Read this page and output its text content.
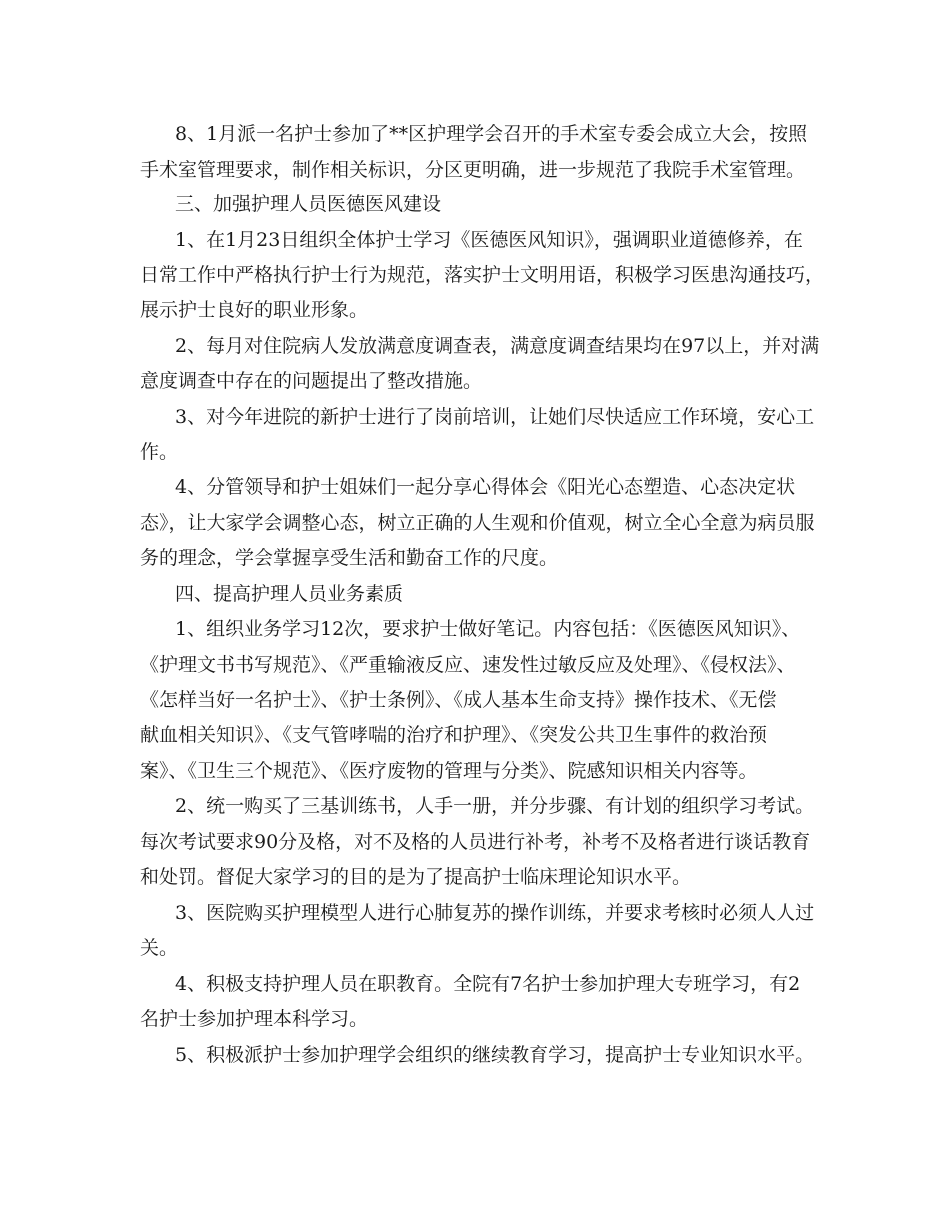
8、1月派一名护士参加了**区护理学会召开的手术室专委会成立大会，按照
手术室管理要求，制作相关标识，分区更明确，进一步规范了我院手术室管理。
三、加强护理人员医德医风建设
1、在1月23日组织全体护士学习《医德医风知识》，强调职业道德修养，在
日常工作中严格执行护士行为规范，落实护士文明用语，积极学习医患沟通技巧，
展示护士良好的职业形象。
2、每月对住院病人发放满意度调查表，满意度调查结果均在97以上，并对满
意度调查中存在的问题提出了整改措施。
3、对今年进院的新护士进行了岗前培训，让她们尽快适应工作环境，安心工
作。
4、分管领导和护士姐妹们一起分享心得体会《阳光心态塑造、心态决定状
态》，让大家学会调整心态，树立正确的人生观和价值观，树立全心全意为病员服
务的理念，学会掌握享受生活和勤奋工作的尺度。
四、提高护理人员业务素质
1、组织业务学习12次，要求护士做好笔记。内容包括：《医德医风知识》、
《护理文书书写规范》、《严重输液反应、速发性过敏反应及处理》、《侵权法》、
《怎样当好一名护士》、《护士条例》、《成人基本生命支持》操作技术、《无偿
献血相关知识》、《支气管哮喘的治疗和护理》、《突发公共卫生事件的救治预
案》、《卫生三个规范》、《医疗废物的管理与分类》、院感知识相关内容等。
2、统一购买了三基训练书，人手一册，并分步骤、有计划的组织学习考试。
每次考试要求90分及格，对不及格的人员进行补考，补考不及格者进行谈话教育
和处罚。督促大家学习的目的是为了提高护士临床理论知识水平。
3、医院购买护理模型人进行心肺复苏的操作训练，并要求考核时必须人人过
关。
4、积极支持护理人员在职教育。全院有7名护士参加护理大专班学习，有2
名护士参加护理本科学习。
5、积极派护士参加护理学会组织的继续教育学习，提高护士专业知识水平。
